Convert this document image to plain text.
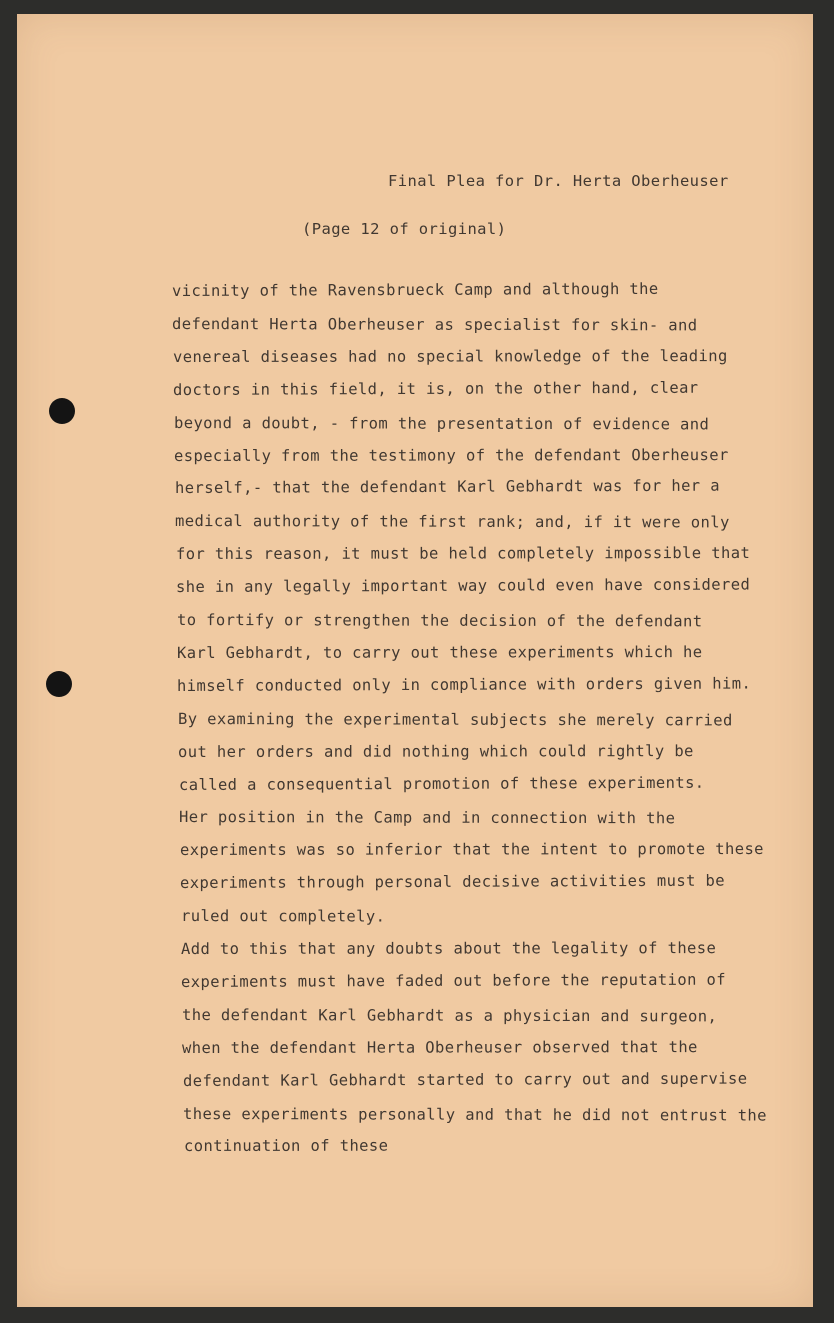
Final Plea for Dr. Herta Oberheuser
(Page 12 of original)
vicinity of the Ravensbrueck Camp and although the
defendant Herta Oberheuser as specialist for skin- and
venereal diseases had no special knowledge of the leading
doctors in this field, it is, on the other hand, clear
beyond a doubt, - from the presentation of evidence and
especially from the testimony of the defendant Oberheuser
herself,- that the defendant Karl Gebhardt was for her a
medical authority of the first rank; and, if it were only
for this reason, it must be held completely impossible that
she in any legally important way could even have considered
to fortify or strengthen the decision of the defendant
Karl Gebhardt, to carry out these experiments which he
himself conducted only in compliance with orders given him.
By examining the experimental subjects she merely carried
out her orders and did nothing which could rightly be
called a consequential promotion of these experiments.
Her position in the Camp and in connection with the
experiments was so inferior that the intent to promote these
experiments through personal decisive activities must be
ruled out completely.
Add to this that any doubts about the legality of these
experiments must have faded out before the reputation of
the defendant Karl Gebhardt as a physician and surgeon,
when the defendant Herta Oberheuser observed that the
defendant Karl Gebhardt started to carry out and supervise
these experiments personally and that he did not entrust the
continuation of these
